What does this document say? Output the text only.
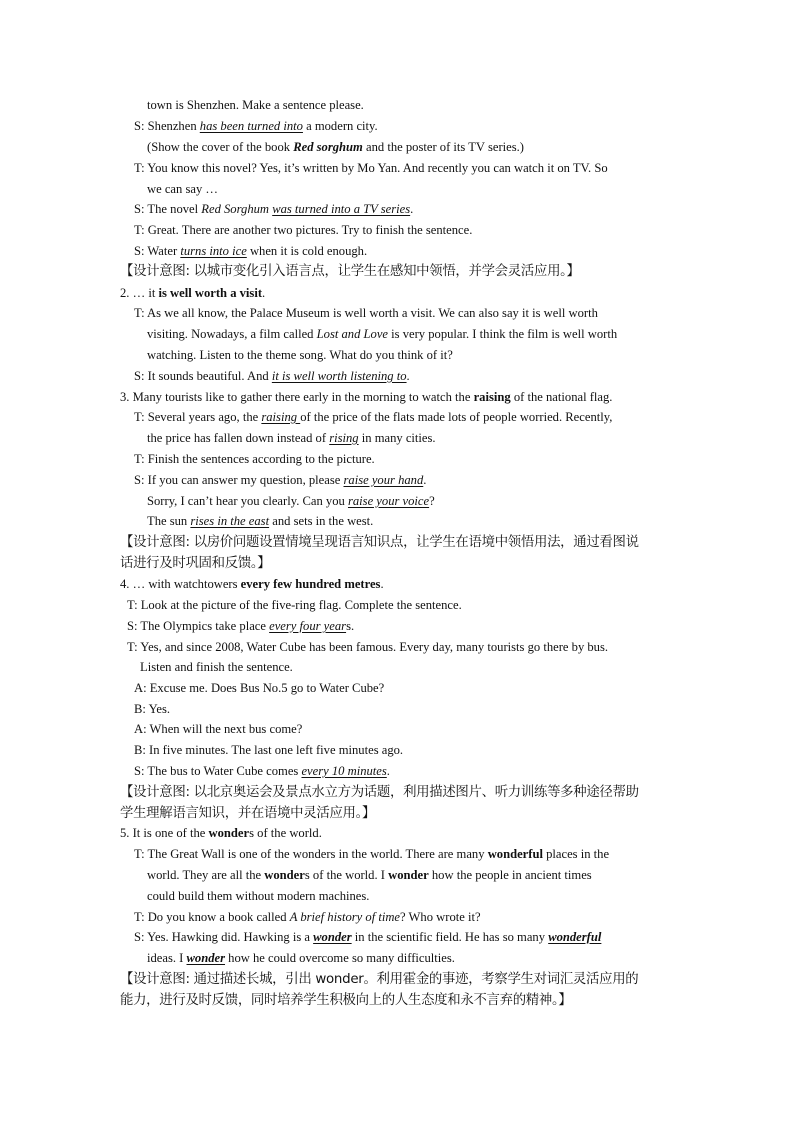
town is Shenzhen. Make a sentence please.
S: Shenzhen has been turned into a modern city.
(Show the cover of the book Red sorghum and the poster of its TV series.)
T: You know this novel? Yes, it’s written by Mo Yan. And recently you can watch it on TV. So
we can say …
S: The novel Red Sorghum was turned into a TV series.
T: Great. There are another two pictures. Try to finish the sentence.
S: Water turns into ice when it is cold enough.
【设计意图: 以城市变化引入语言点，让学生在感知中领悟，并学会灵活应用。】
2. … it is well worth a visit.
T: As we all know, the Palace Museum is well worth a visit. We can also say it is well worth
visiting. Nowadays, a film called Lost and Love is very popular. I think the film is well worth
watching. Listen to the theme song. What do you think of it?
S: It sounds beautiful. And it is well worth listening to.
3. Many tourists like to gather there early in the morning to watch the raising of the national flag.
T: Several years ago, the raising of the price of the flats made lots of people worried. Recently,
the price has fallen down instead of rising in many cities.
T: Finish the sentences according to the picture.
S: If you can answer my question, please raise your hand.
Sorry, I can’t hear you clearly. Can you raise your voice?
The sun rises in the east and sets in the west.
【设计意图: 以房价问题设置情境呈现语言知识点，让学生在语境中领悟用法，通过看图说
话进行及时巩固和反馈。】
4. … with watchtowers every few hundred metres.
T: Look at the picture of the five-ring flag. Complete the sentence.
S: The Olympics take place every four years.
T: Yes, and since 2008, Water Cube has been famous. Every day, many tourists go there by bus.
Listen and finish the sentence.
A: Excuse me. Does Bus No.5 go to Water Cube?
B: Yes.
A: When will the next bus come?
B: In five minutes. The last one left five minutes ago.
S: The bus to Water Cube comes every 10 minutes.
【设计意图: 以北京奥运会及景点水立方为话题，利用描述图片、听力训练等多种途径帮助
学生理解语言知识，并在语境中灵活应用。】
5. It is one of the wonders of the world.
T: The Great Wall is one of the wonders in the world. There are many wonderful places in the
world. They are all the wonders of the world. I wonder how the people in ancient times
could build them without modern machines.
T: Do you know a book called A brief history of time? Who wrote it?
S: Yes. Hawking did. Hawking is a wonder in the scientific field. He has so many wonderful
ideas. I wonder how he could overcome so many difficulties.
【设计意图: 通过描述长城，引出 wonder。利用霍金的事迹，考察学生对词汇灵活应用的
能力，进行及时反馈，同时培养学生积极向上的人生态度和永不言弃的精神。】
